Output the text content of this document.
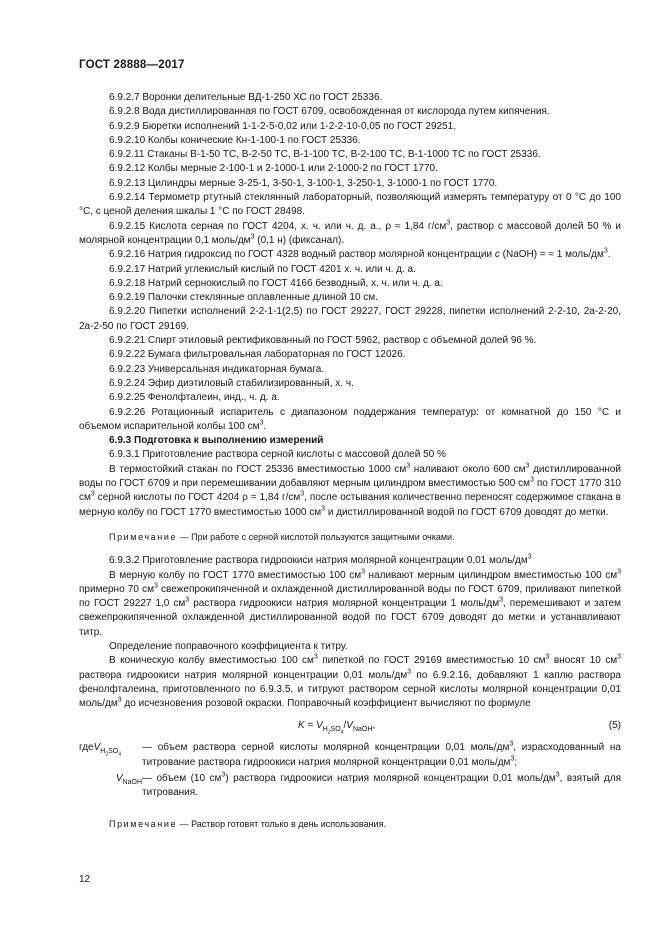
ГОСТ 28888—2017

6.9.2.7 Воронки делительные ВД-1-250 ХС по ГОСТ 25336.

6.9.2.8 Вода дистиллированная по ГОСТ 6709, освобожденная от кислорода путем кипячения.

6.9.2.9 Бюретки исполнений 1-1-2-5-0,02 или 1-2-2-10-0,05 по ГОСТ 29251.

6.9.2.10 Колбы конические Кн-1-100-1 по ГОСТ 25336.

6.9.2.11 Стаканы В-1-50 ТС, В-2-50 ТС, В-1-100 ТС, В-2-100 ТС, В-1-1000 ТС по ГОСТ 25336.

6.9.2.12 Колбы мерные 2-100-1 и 2-1000-1 или 2-1000-2 по ГОСТ 1770.

6.9.2.13 Цилиндры мерные 3-25-1, 3-50-1, 3-100-1, 3-250-1, 3-1000-1 по ГОСТ 1770.

6.9.2.14 Термометр ртутный стеклянный лабораторный, позволяющий измерять температуру от 0 °С до 100 °С, с ценой деления шкалы 1 °С по ГОСТ 28498.

6.9.2.15 Кислота серная по ГОСТ 4204, х. ч. или ч. д. а., ρ ≈ 1,84 $г/см^3$, раствор с массовой долей 50 % и молярной концентрации 0,1 моль/$дм^3$ (0,1 н) (фиксанал).

6.9.2.16 Натрия гидроксид по ГОСТ 4328 водный раствор молярной концентрации c (NaOH) = ≈ 1 моль/$дм^3$.

6.9.2.17 Натрий углекислый кислый по ГОСТ 4201 х. ч. или ч. д. а.

6.9.2.18 Натрий сернокислый по ГОСТ 4166 безводный, х. ч. или ч. д. а.

6.9.2.19 Палочки стеклянные оплавленные длиной 10 см.

6.9.2.20 Пипетки исполнений 2-2-1-1(2,5) по ГОСТ 29227, ГОСТ 29228, пипетки исполнений 2-2-10, 2а-2-20, 2а-2-50 по ГОСТ 29169.

6.9.2.21 Спирт этиловый ректификованный по ГОСТ 5962, раствор с объемной долей 96 %.

6.9.2.22 Бумага фильтровальная лабораторная по ГОСТ 12026.

6.9.2.23 Универсальная индикаторная бумага.

6.9.2.24 Эфир диэтиловый стабилизированный, х. ч.

6.9.2.25 Фенолфталеин, инд., ч. д. а.

6.9.2.26 Ротационный испаритель с диапазоном поддержания температур: от комнатной до 150 °С и объемом испарительной колбы 100 $см^3$.

6.9.3 Подготовка к выполнению измерений

6.9.3.1 Приготовление раствора серной кислоты с массовой долей 50 %

В термостойкий стакан по ГОСТ 25336 вместимостью 1000 $см^3$ наливают около 600 $см^3$ дистиллированной воды по ГОСТ 6709 и при перемешивании добавляют мерным цилиндром вместимостью 500 $см^3$ по ГОСТ 1770 310 $см^3$ серной кислоты по ГОСТ 4204 ρ = 1,84 $г/см^3$, после остывания количественно переносят содержимое стакана в мерную колбу по ГОСТ 1770 вместимостью 1000 $см^3$ и дистиллированной водой по ГОСТ 6709 доводят до метки.

Примечание — При работе с серной кислотой пользуются защитными очками.

6.9.3.2 Приготовление раствора гидроокиси натрия молярной концентрации 0,01 моль/$дм^3$

В мерную колбу по ГОСТ 1770 вместимостью 100 $см^3$ наливают мерным цилиндром вместимостью 100 $см^3$ примерно 70 $см^3$ свежепрокипяченной и охлажденной дистиллированной воды по ГОСТ 6709, приливают пипеткой по ГОСТ 29227 1,0 $см^3$ раствора гидроокиси натрия молярной концентрации 1 моль/$дм^3$, перемешивают и затем свежепрокипяченной охлажденной дистиллированной водой по ГОСТ 6709 доводят до метки и устанавливают титр.

Определение поправочного коэффициента к титру.

В коническую колбу вместимостью 100 $см^3$ пипеткой по ГОСТ 29169 вместимостью 10 $см^3$ вносят 10 $см^3$ раствора гидроокиси натрия молярной концентрации 0,01 моль/$дм^3$ по 6.9.2.16, добавляют 1 каплю раствора фенолфталеина, приготовленного по 6.9.3.5, и титруют раствором серной кислоты молярной концентрации 0,01 моль/$дм^3$ до исчезновения розовой окраски. Поправочный коэффициент вычисляют по формуле

$K = V_{H_2SO_4}/V_{NaOH}$,	(5)
гдеV$_{H_2SO_4}$
— объем раствора серной кислоты молярной концентрации 0,01 моль/$дм^3$, израсходованный на титрование раствора гидроокиси натрия молярной концентрации 0,01 моль/$дм^3$;
$V_{NaOH}$ — объем (10 $см^3$) раствора гидроокиси натрия молярной концентрации 0,01 моль/$дм^3$, взятый для титрования.

Примечание — Раствор готовят только в день использования.

12
